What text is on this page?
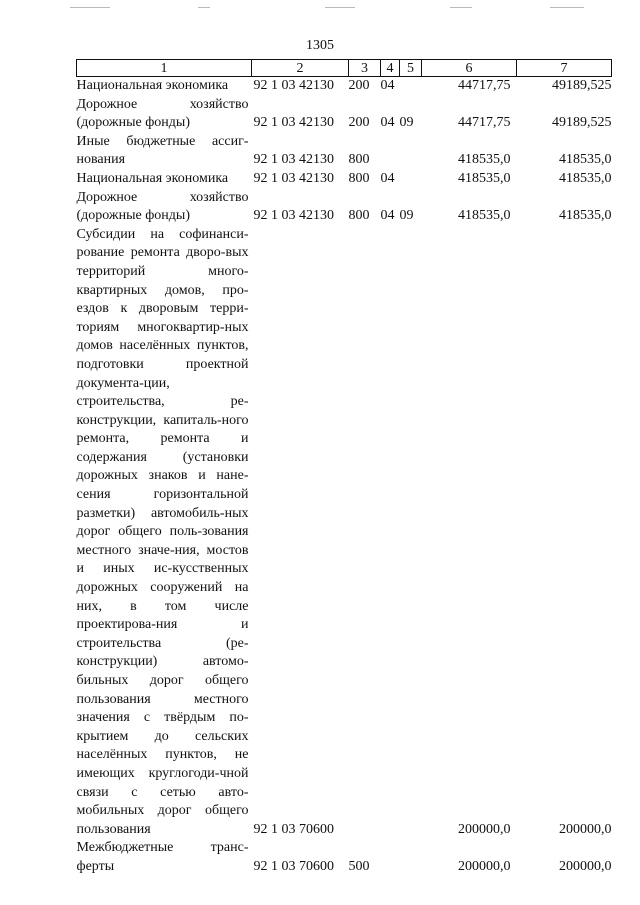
1305
1	2	3	4	5	6	7
Национальная экономика	92 1 03 42130	200	04		44717,75	49189,525
Дорожное хозяйство (дорожные фонды)	92 1 03 42130	200	04	09	44717,75	49189,525
Иные бюджетные ассиг-нования	92 1 03 42130	800			418535,0	418535,0
Национальная экономика	92 1 03 42130	800	04		418535,0	418535,0
Дорожное хозяйство (дорожные фонды)	92 1 03 42130	800	04	09	418535,0	418535,0
Субсидии на софинанси-рование ремонта дворо-вых территорий много-квартирных домов, про-ездов к дворовым терри-ториям многоквартир-ных домов населённых пунктов, подготовки проектной документа-ции, строительства, ре-конструкции, капиталь-ного ремонта, ремонта и содержания (установки дорожных знаков и нане-сения горизонтальной разметки) автомобиль-ных дорог общего поль-зования местного значе-ния, мостов и иных ис-кусственных дорожных сооружений на них, в том числе проектирова-ния и строительства (ре-конструкции) автомо-бильных дорог общего пользования местного значения с твёрдым по-крытием до сельских населённых пунктов, не имеющих круглогоди-чной связи с сетью авто-мобильных дорог общего пользования	92 1 03 70600				200000,0	200000,0
Межбюджетные транс-ферты	92 1 03 70600	500			200000,0	200000,0
